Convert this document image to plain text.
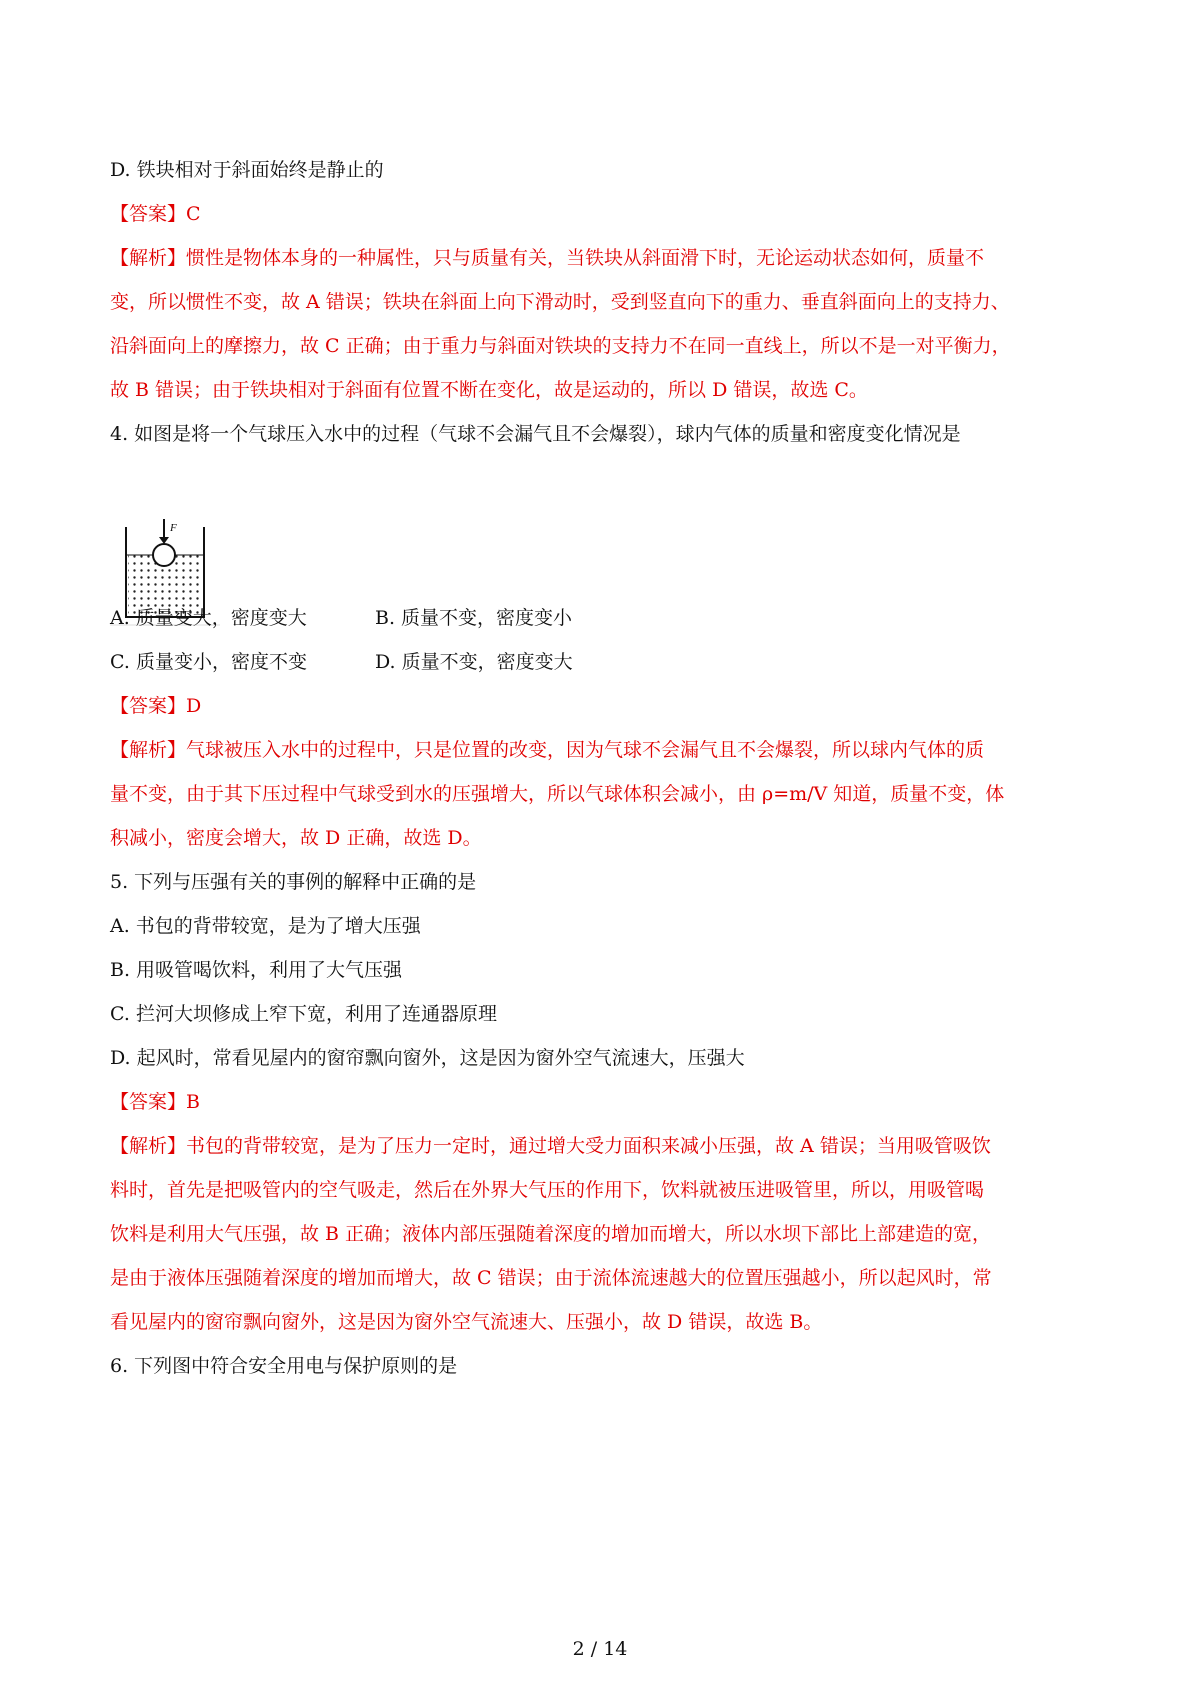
D. 铁块相对于斜面始终是静止的
【答案】C
【解析】惯性是物体本身的一种属性，只与质量有关，当铁块从斜面滑下时，无论运动状态如何，质量不
变，所以惯性不变，故 A 错误；铁块在斜面上向下滑动时，受到竖直向下的重力、垂直斜面向上的支持力、
沿斜面向上的摩擦力，故 C 正确；由于重力与斜面对铁块的支持力不在同一直线上，所以不是一对平衡力，
故 B 错误；由于铁块相对于斜面有位置不断在变化，故是运动的，所以 D 错误，故选 C。
4. 如图是将一个气球压入水中的过程（气球不会漏气且不会爆裂），球内气体的质量和密度变化情况是
F
A. 质量变大，密度变大	B. 质量不变，密度变小
C. 质量变小，密度不变	D. 质量不变，密度变大
【答案】D
【解析】气球被压入水中的过程中，只是位置的改变，因为气球不会漏气且不会爆裂，所以球内气体的质
量不变，由于其下压过程中气球受到水的压强增大，所以气球体积会减小，由 ρ=m/V 知道，质量不变，体
积减小，密度会增大，故 D 正确，故选 D。
5. 下列与压强有关的事例的解释中正确的是
A. 书包的背带较宽，是为了增大压强
B. 用吸管喝饮料，利用了大气压强
C. 拦河大坝修成上窄下宽，利用了连通器原理
D. 起风时，常看见屋内的窗帘飘向窗外，这是因为窗外空气流速大，压强大
【答案】B
【解析】书包的背带较宽，是为了压力一定时，通过增大受力面积来减小压强，故 A 错误；当用吸管吸饮
料时，首先是把吸管内的空气吸走，然后在外界大气压的作用下，饮料就被压进吸管里，所以，用吸管喝
饮料是利用大气压强，故 B 正确；液体内部压强随着深度的增加而增大，所以水坝下部比上部建造的宽，
是由于液体压强随着深度的增加而增大，故 C 错误；由于流体流速越大的位置压强越小，所以起风时，常
看见屋内的窗帘飘向窗外，这是因为窗外空气流速大、压强小，故 D 错误，故选 B。
6. 下列图中符合安全用电与保护原则的是
2 / 14
